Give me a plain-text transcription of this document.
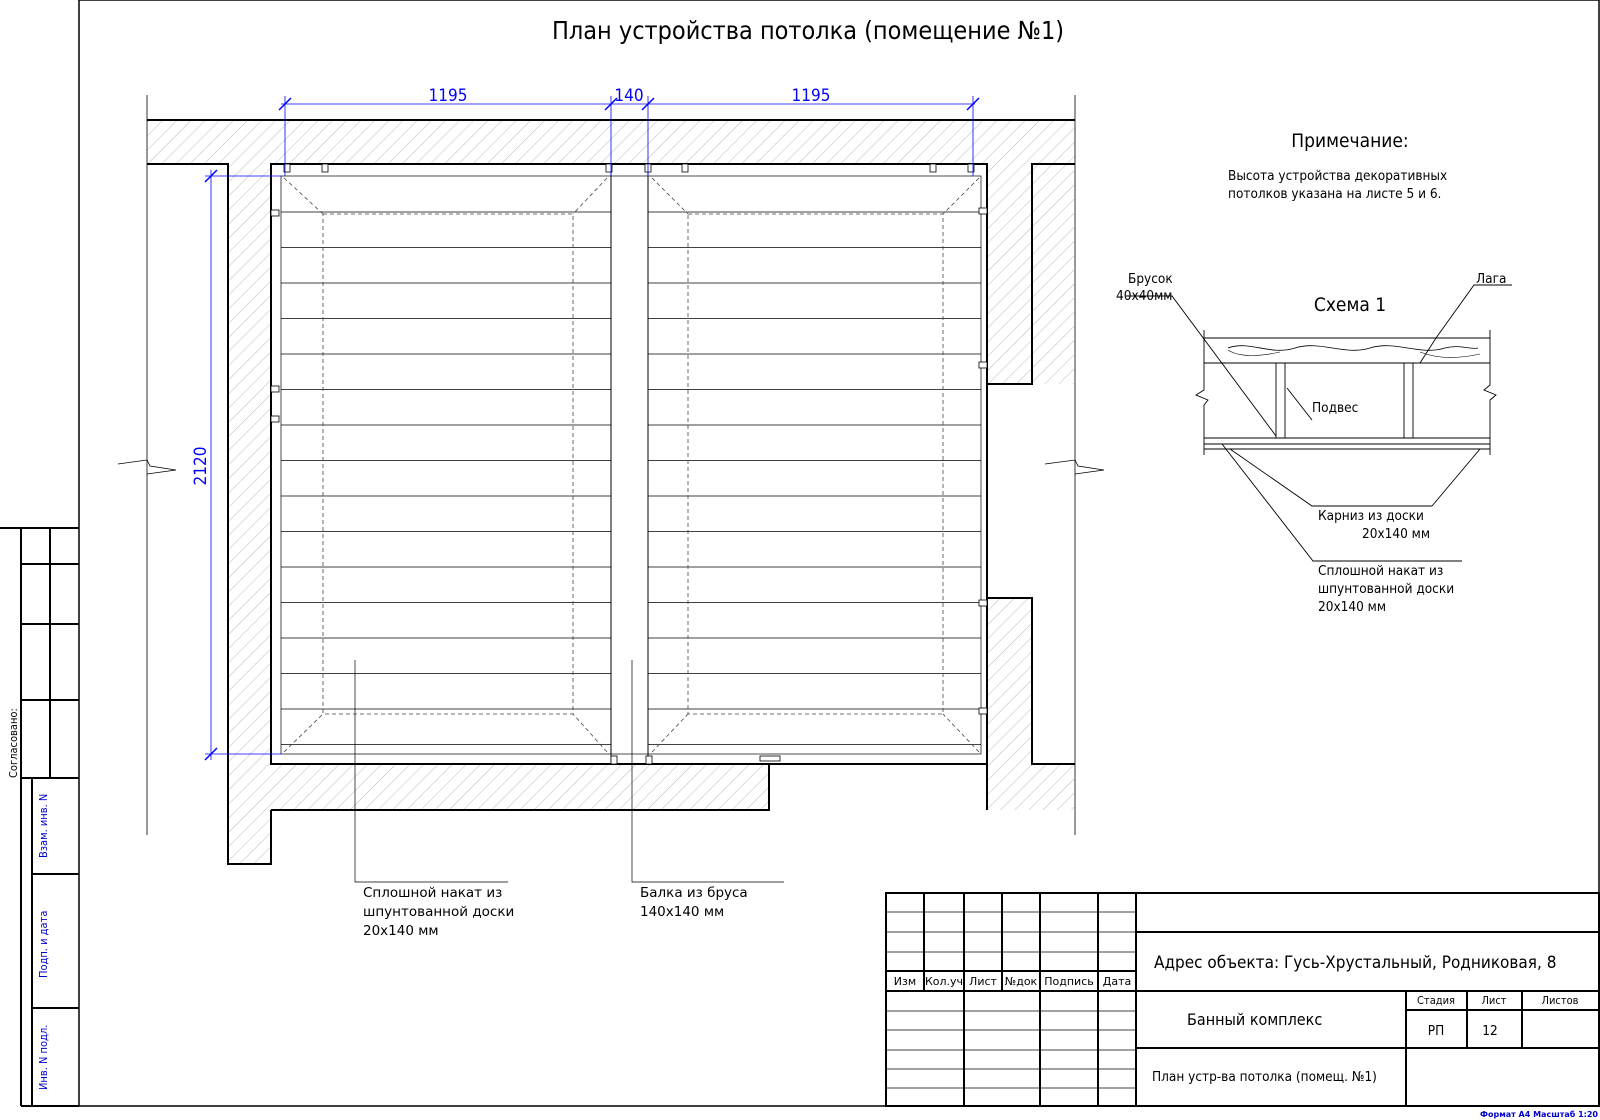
План устройства потолка (помещение №1)
1195	140	1195
2120
Сплошной накат из
шпунтованной доски
20х140 мм
Балка из бруса
140х140 мм
Примечание:
Высота устройства декоративных
потолков указана на листе 5 и 6.
Схема 1
Брусок
40х40мм
Лага
Подвес
Карниз из доски
20х140 мм
Сплошной накат из
шпунтованной доски
20х140 мм
Согласовано:
Взам. инв. N
Подп. и дата
Инв. N подл.
Изм Кол.уч Лист №док Подпись Дата
Адрес объекта: Гусь-Хрустальный, Родниковая, 8
Банный комплекс
План устр-ва потолка (помещ. №1)
Стадия Лист	Листов
РП	12
Формат А4 Масштаб 1:20
